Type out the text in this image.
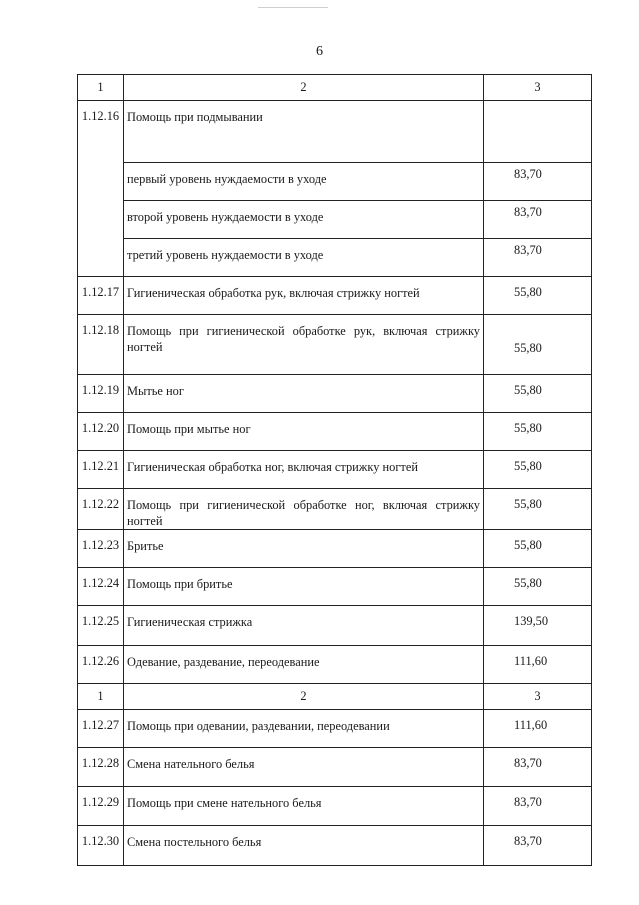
6
1	2	3
1.12.16	Помощь при подмывании	
	первый уровень нуждаемости в уходе	83,70
	второй уровень нуждаемости в уходе	83,70
	третий уровень нуждаемости в уходе	83,70
1.12.17	Гигиеническая обработка рук, включая стрижку ногтей	55,80
1.12.18	Помощь при гигиенической обработке рук, включая стрижку ногтей	55,80
1.12.19	Мытье ног	55,80
1.12.20	Помощь при мытье ног	55,80
1.12.21	Гигиеническая обработка ног, включая стрижку ногтей	55,80
1.12.22	Помощь при гигиенической обработке ног, включая стрижку ногтей	55,80
1.12.23	Бритье	55,80
1.12.24	Помощь при бритье	55,80
1.12.25	Гигиеническая стрижка	139,50
1.12.26	Одевание, раздевание, переодевание	111,60
1	2	3
1.12.27	Помощь при одевании, раздевании, переодевании	111,60
1.12.28	Смена нательного белья	83,70
1.12.29	Помощь при смене нательного белья	83,70
1.12.30	Смена постельного белья	83,70
